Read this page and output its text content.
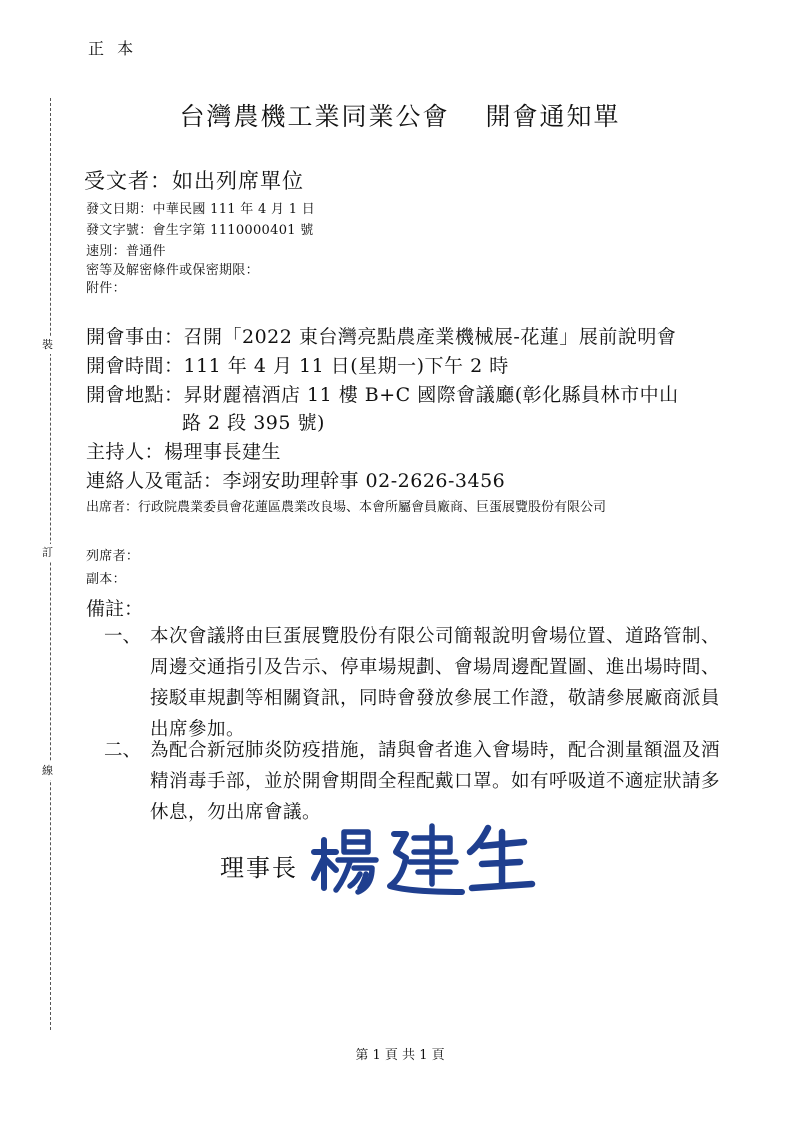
正 本
裝
訂
線
台灣農機工業同業公會 開會通知單
受文者：如出列席單位
發文日期：中華民國 111 年 4 月 1 日
發文字號：會生字第 1110000401 號
速別：普通件
密等及解密條件或保密期限：
附件：
開會事由：召開「2022 東台灣亮點農產業機械展-花蓮」展前說明會
開會時間：111 年 4 月 11 日(星期一)下午 2 時
開會地點：昇財麗禧酒店 11 樓 B+C 國際會議廳(彰化縣員林市中山
路 2 段 395 號)
主持人：楊理事長建生
連絡人及電話：李翊安助理幹事 02-2626-3456
出席者：行政院農業委員會花蓮區農業改良場、本會所屬會員廠商、巨蛋展覽股份有限公司
列席者：
副本：
備註：
一、 本次會議將由巨蛋展覽股份有限公司簡報說明會場位置、道路管制、周邊交通指引及告示、停車場規劃、會場周邊配置圖、進出場時間、接駁車規劃等相關資訊，同時會發放參展工作證，敬請參展廠商派員出席參加。
二、 為配合新冠肺炎防疫措施，請與會者進入會場時，配合測量額溫及酒精消毒手部，並於開會期間全程配戴口罩。如有呼吸道不適症狀請多休息，勿出席會議。
理事長
第 1 頁 共 1 頁
